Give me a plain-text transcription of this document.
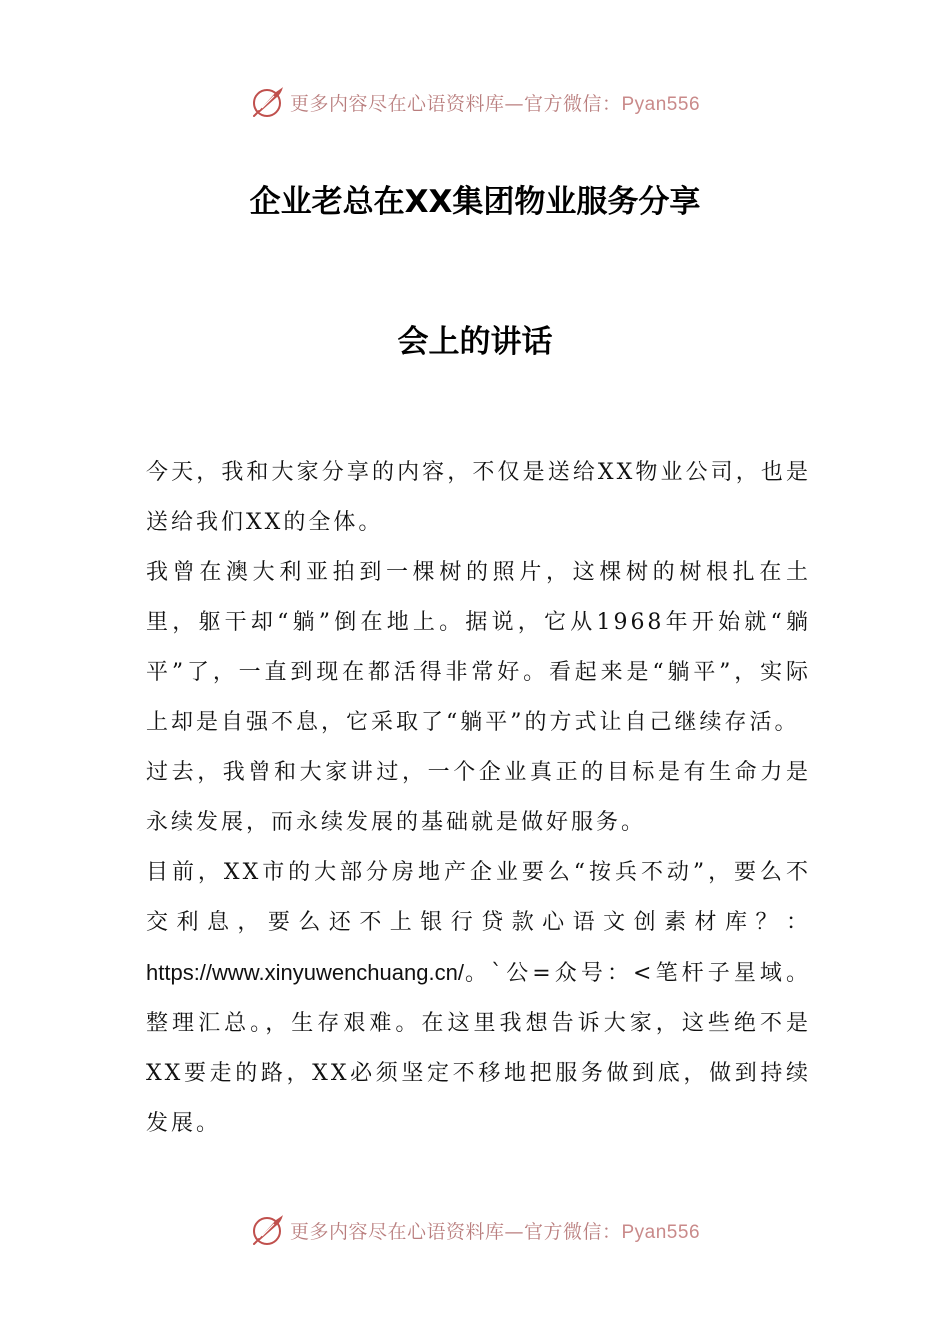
更多内容尽在心语资料库—官方微信：Pyan556
企业老总在XX集团物业服务分享
会上的讲话

今天，我和大家分享的内容，不仅是送给XX物业公司，也是送给我们XX的全体。

我曾在澳大利亚拍到一棵树的照片，这棵树的树根扎在土里，躯干却“躺”倒在地上。据说，它从1968年开始就“躺平”了，一直到现在都活得非常好。看起来是“躺平”，实际上却是自强不息，它采取了“躺平”的方式让自己继续存活。

过去，我曾和大家讲过，一个企业真正的目标是有生命力是永续发展，而永续发展的基础就是做好服务。

目前，XX市的大部分房地产企业要么“按兵不动”，要么不交利息，要么还不上银行贷款心语文创素材库？：https://www.xinyuwenchuang.cn/。`公=众号：<笔杆子星域。整理汇总。，生存艰难。在这里我想告诉大家，这些绝不是XX要走的路，XX必须坚定不移地把服务做到底，做到持续发展。

更多内容尽在心语资料库—官方微信：Pyan556
